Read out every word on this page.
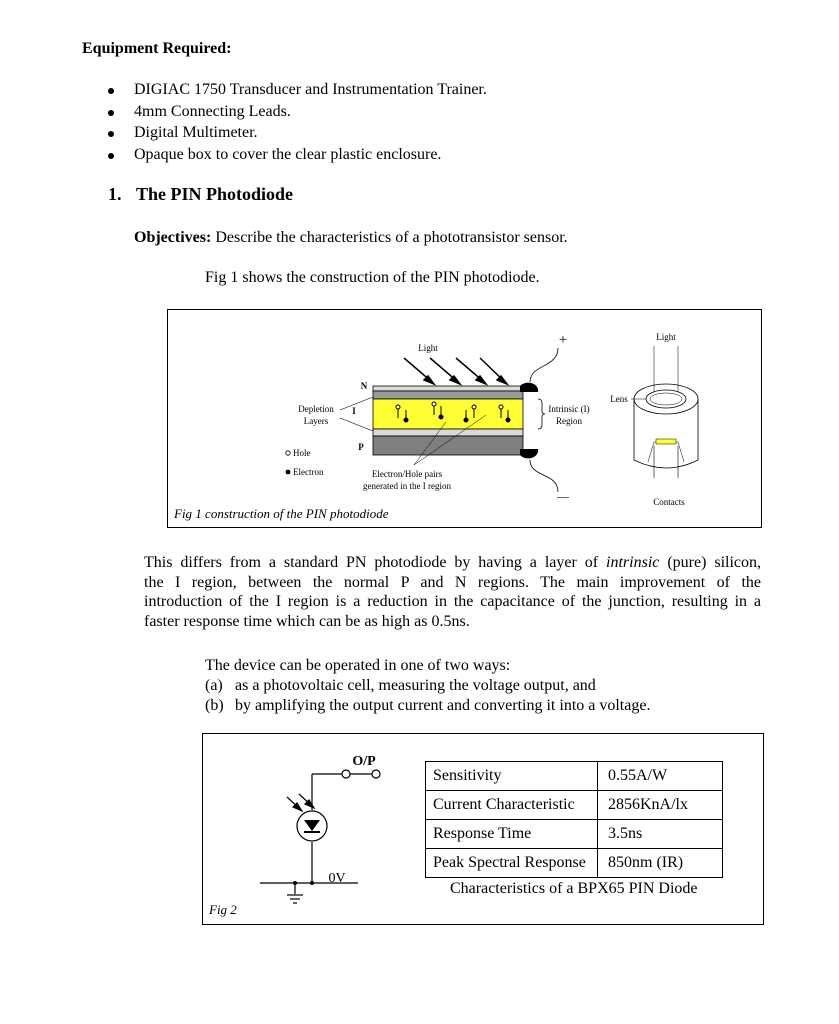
Equipment Required:
DIGIAC 1750 Transducer and Instrumentation Trainer.
4mm Connecting Leads.
Digital Multimeter.
Opaque box to cover the clear plastic enclosure.
1. The PIN Photodiode
Objectives: Describe the characteristics of a phototransistor sensor.
Fig 1 shows the construction of the PIN photodiode.
Light
N
I
P
Depletion
Layers
Intrinsic (I)
Region
+
—
Hole
Electron	Electron/Hole pairs
generated in the I region
Light
Lens
Contacts
Fig 1 construction of the PIN photodiode
This differs from a standard PN photodiode by having a layer of intrinsic (pure) silicon,
the I region, between the normal P and N regions. The main improvement of the
introduction of the I region is a reduction in the capacitance of the junction, resulting in a
faster response time which can be as high as 0.5ns.
The device can be operated in one of two ways:
(a) as a photovoltaic cell, measuring the voltage output, and
(b) by amplifying the output current and converting it into a voltage.
O/P
0V
Fig 2
Sensitivity	0.55A/W
Current Characteristic	2856KnA/lx
Response Time	3.5ns
Peak Spectral Response	850nm (IR)
Characteristics of a BPX65 PIN Diode
